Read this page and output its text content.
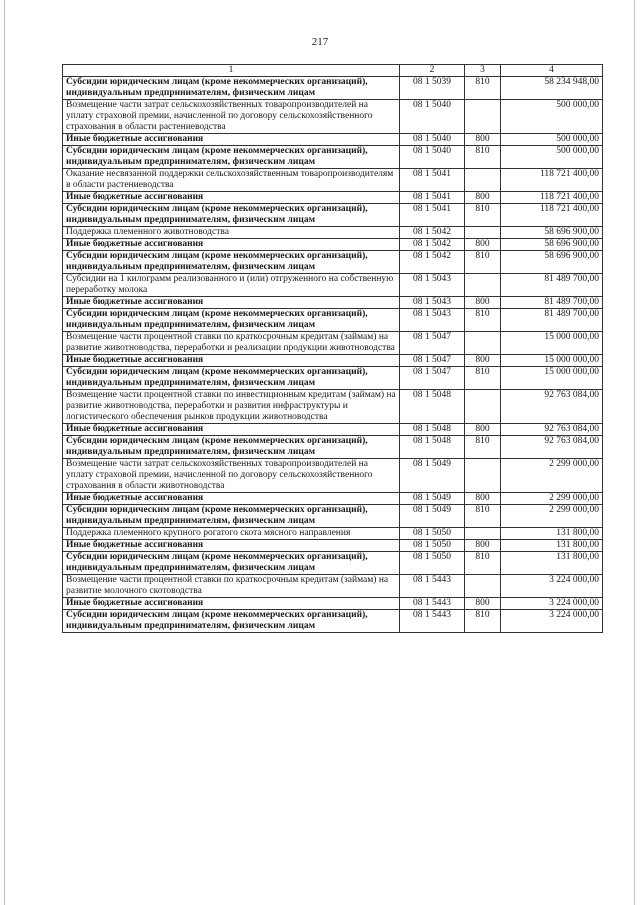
217
1	2	3	4
Субсидии юридическим лицам (кроме некоммерческих организаций), индивидуальным предпринимателям, физическим лицам	08 1 5039	810	58 234 948,00
Возмещение части затрат сельскохозяйственных товаропроизводителей на уплату страховой премии, начисленной по договору сельскохозяйственного страхования в области растениеводства	08 1 5040		500 000,00
Иные бюджетные ассигнования	08 1 5040	800	500 000,00
Субсидии юридическим лицам (кроме некоммерческих организаций), индивидуальным предпринимателям, физическим лицам	08 1 5040	810	500 000,00
Оказание несвязанной поддержки сельскохозяйственным товаропроизводителям в области растениеводства	08 1 5041		118 721 400,00
Иные бюджетные ассигнования	08 1 5041	800	118 721 400,00
Субсидии юридическим лицам (кроме некоммерческих организаций), индивидуальным предпринимателям, физическим лицам	08 1 5041	810	118 721 400,00
Поддержка племенного животноводства	08 1 5042		58 696 900,00
Иные бюджетные ассигнования	08 1 5042	800	58 696 900,00
Субсидии юридическим лицам (кроме некоммерческих организаций), индивидуальным предпринимателям, физическим лицам	08 1 5042	810	58 696 900,00
Субсидии на 1 килограмм реализованного и (или) отгруженного на собственную переработку молока	08 1 5043		81 489 700,00
Иные бюджетные ассигнования	08 1 5043	800	81 489 700,00
Субсидии юридическим лицам (кроме некоммерческих организаций), индивидуальным предпринимателям, физическим лицам	08 1 5043	810	81 489 700,00
Возмещение части процентной ставки по краткосрочным кредитам (займам) на развитие животноводства, переработки и реализации продукции животноводства	08 1 5047		15 000 000,00
Иные бюджетные ассигнования	08 1 5047	800	15 000 000,00
Субсидии юридическим лицам (кроме некоммерческих организаций), индивидуальным предпринимателям, физическим лицам	08 1 5047	810	15 000 000,00
Возмещение части процентной ставки по инвестиционным кредитам (займам) на развитие животноводства, переработки и развития инфраструктуры и логистического обеспечения рынков продукции животноводства	08 1 5048		92 763 084,00
Иные бюджетные ассигнования	08 1 5048	800	92 763 084,00
Субсидии юридическим лицам (кроме некоммерческих организаций), индивидуальным предпринимателям, физическим лицам	08 1 5048	810	92 763 084,00
Возмещение части затрат сельскохозяйственных товаропроизводителей на уплату страховой премии, начисленной по договору сельскохозяйственного страхования в области животноводства	08 1 5049		2 299 000,00
Иные бюджетные ассигнования	08 1 5049	800	2 299 000,00
Субсидии юридическим лицам (кроме некоммерческих организаций), индивидуальным предпринимателям, физическим лицам	08 1 5049	810	2 299 000,00
Поддержка племенного крупного рогатого скота мясного направления	08 1 5050		131 800,00
Иные бюджетные ассигнования	08 1 5050	800	131 800,00
Субсидии юридическим лицам (кроме некоммерческих организаций), индивидуальным предпринимателям, физическим лицам	08 1 5050	810	131 800,00
Возмещение части процентной ставки по краткосрочным кредитам (займам) на развитие молочного скотоводства	08 1 5443		3 224 000,00
Иные бюджетные ассигнования	08 1 5443	800	3 224 000,00
Субсидии юридическим лицам (кроме некоммерческих организаций), индивидуальным предпринимателям, физическим лицам	08 1 5443	810	3 224 000,00
